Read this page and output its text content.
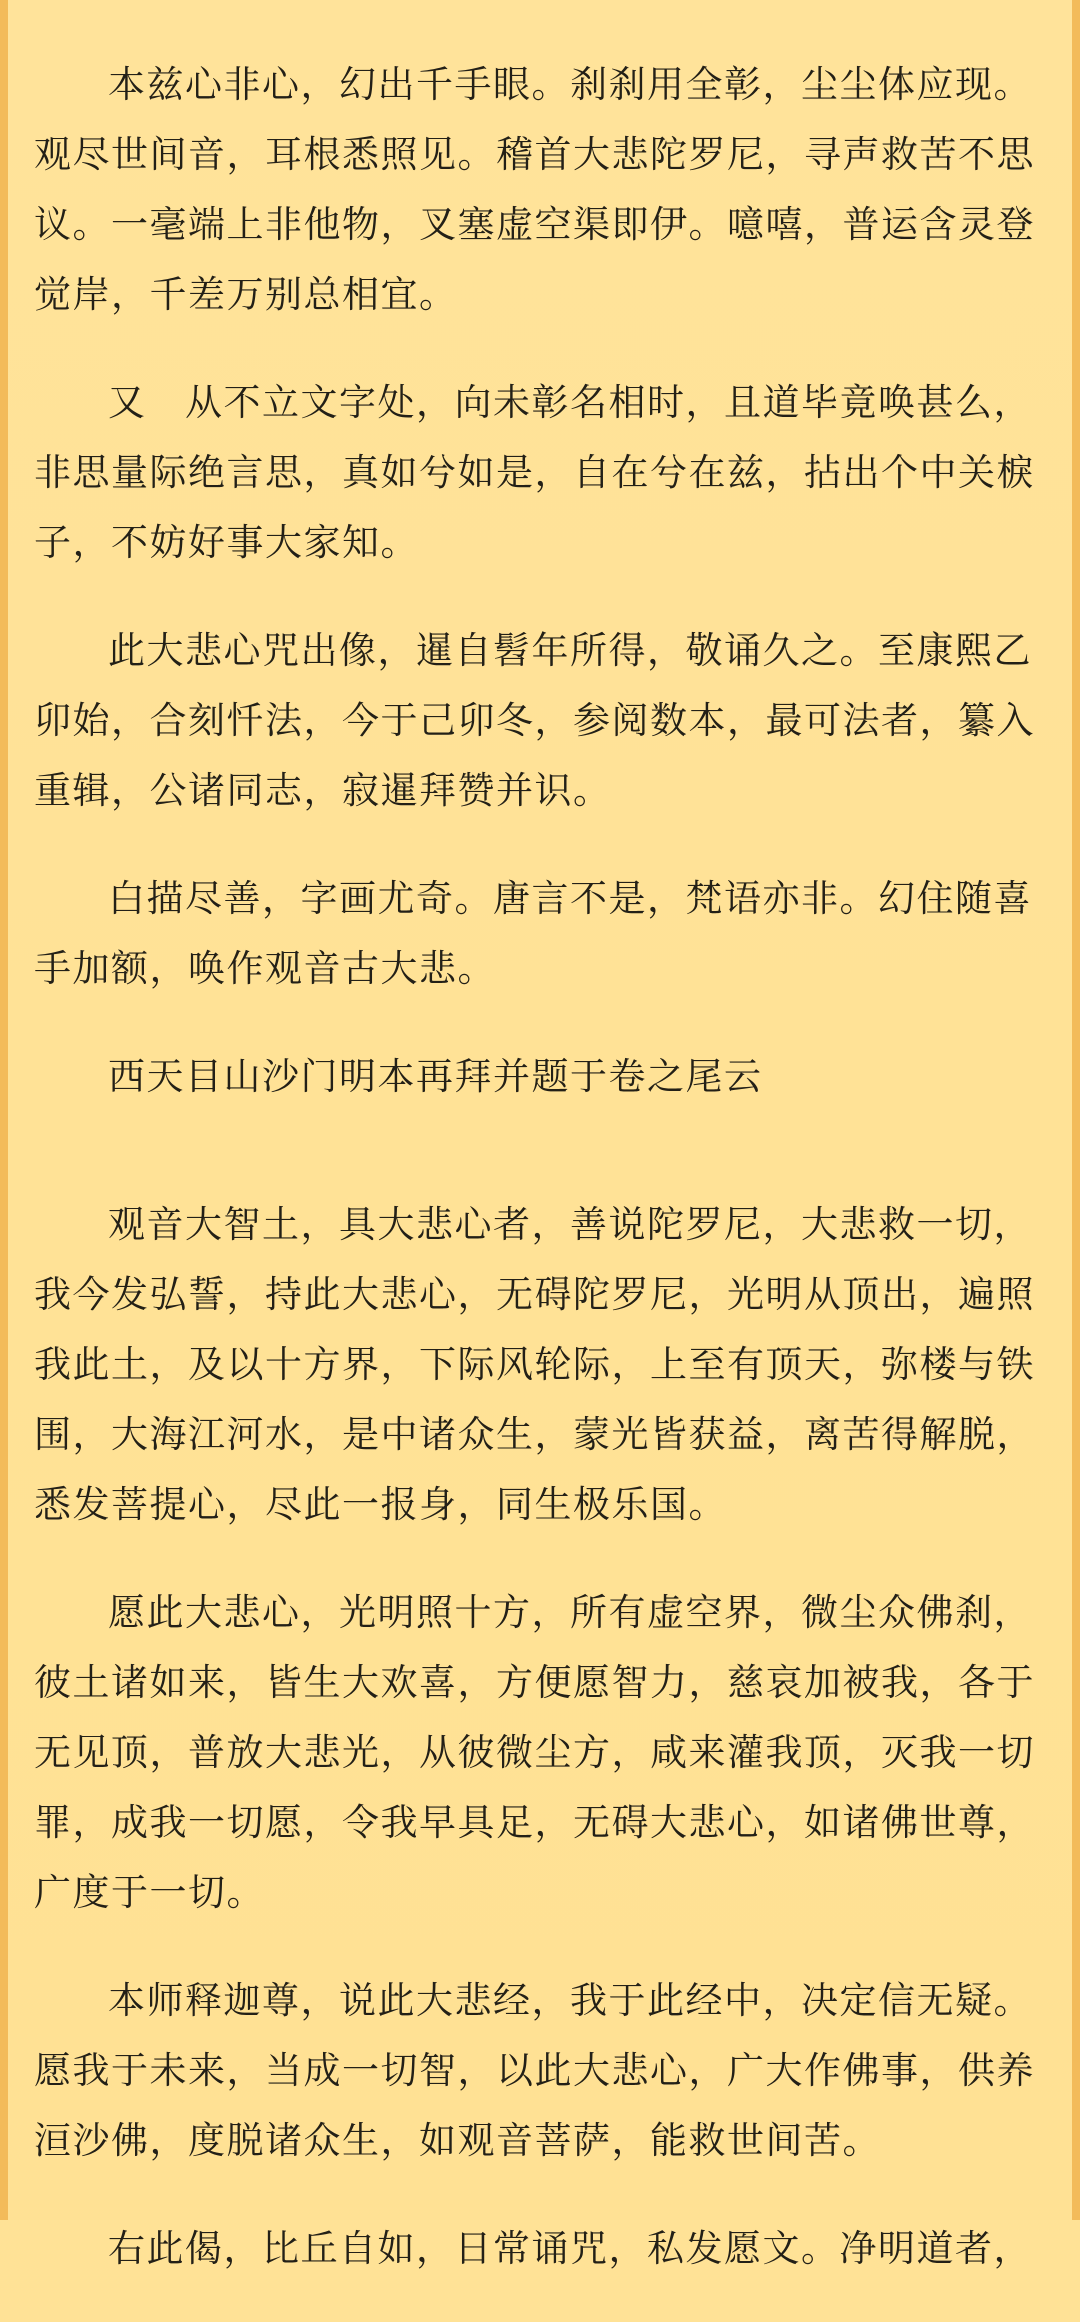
本兹心非心，幻出千手眼。刹刹用全彰，尘尘体应现。观尽世间音，耳根悉照见。稽首大悲陀罗尼，寻声救苦不思议。一毫端上非他物，叉塞虚空渠即伊。噫嘻，普运含灵登觉岸，千差万别总相宜。

又　从不立文字处，向未彰名相时，且道毕竟唤甚么，非思量际绝言思，真如兮如是，自在兮在兹，拈出个中关棙子，不妨好事大家知。

此大悲心咒出像，暹自髫年所得，敬诵久之。至康熙乙卯始，合刻忏法，今于己卯冬，参阅数本，最可法者，纂入重辑，公诸同志，寂暹拜赞并识。

白描尽善，字画尤奇。唐言不是，梵语亦非。幻住随喜手加额，唤作观音古大悲。

西天目山沙门明本再拜并题于卷之尾云

观音大智土，具大悲心者，善说陀罗尼，大悲救一切，我今发弘誓，持此大悲心，无碍陀罗尼，光明从顶出，遍照我此土，及以十方界，下际风轮际，上至有顶天，弥楼与铁围，大海江河水，是中诸众生，蒙光皆获益，离苦得解脱，悉发菩提心，尽此一报身，同生极乐国。

愿此大悲心，光明照十方，所有虚空界，微尘众佛刹，彼土诸如来，皆生大欢喜，方便愿智力，慈哀加被我，各于无见顶，普放大悲光，从彼微尘方，咸来灌我顶，灭我一切罪，成我一切愿，令我早具足，无碍大悲心，如诸佛世尊，广度于一切。

本师释迦尊，说此大悲经，我于此经中，决定信无疑。愿我于未来，当成一切智，以此大悲心，广大作佛事，供养洹沙佛，度脱诸众生，如观音菩萨，能救世间苦。

右此偈，比丘自如，日常诵咒，私发愿文。净明道者，
